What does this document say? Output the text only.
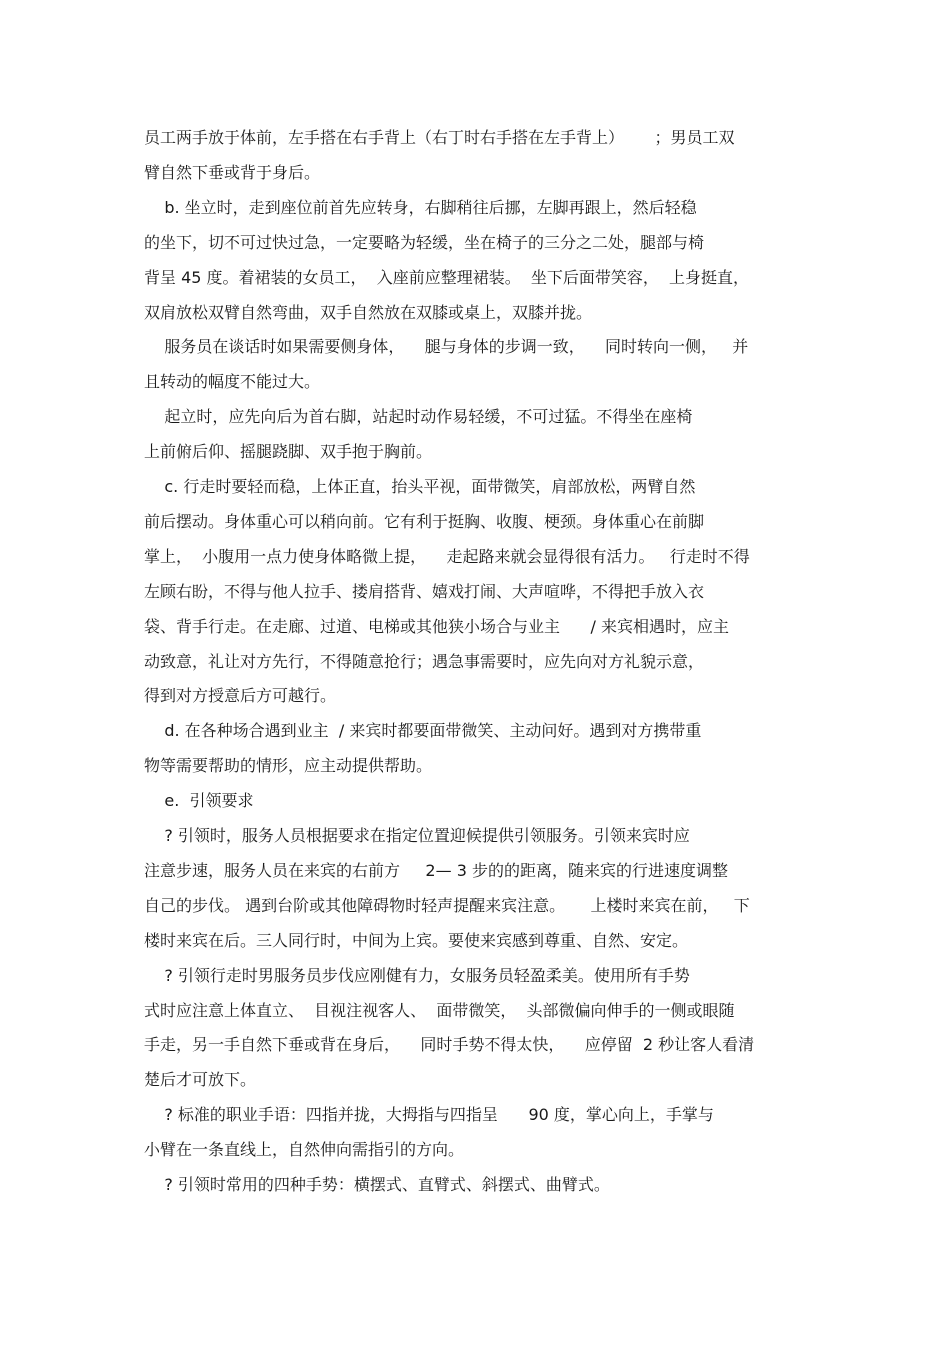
员工两手放于体前，左手搭在右手背上（右丁时右手搭在左手背上）      ；男员工双
臂自然下垂或背于身后。
b. 坐立时，走到座位前首先应转身，右脚稍往后挪，左脚再跟上，然后轻稳
的坐下，切不可过快过急，一定要略为轻缓，坐在椅子的三分之二处，腿部与椅
背呈 45 度。着裙装的女员工，  入座前应整理裙装。  坐下后面带笑容，  上身挺直，
双肩放松双臂自然弯曲，双手自然放在双膝或桌上，双膝并拢。
服务员在谈话时如果需要侧身体，    腿与身体的步调一致，    同时转向一侧，   并
且转动的幅度不能过大。
起立时，应先向后为首右脚，站起时动作易轻缓，不可过猛。不得坐在座椅
上前俯后仰、摇腿跷脚、双手抱于胸前。
c. 行走时要轻而稳，上体正直，抬头平视，面带微笑，肩部放松，两臂自然
前后摆动。身体重心可以稍向前。它有利于挺胸、收腹、梗颈。身体重心在前脚
掌上，  小腹用一点力使身体略微上提，    走起路来就会显得很有活力。   行走时不得
左顾右盼，不得与他人拉手、搂肩搭背、嬉戏打闹、大声喧哗，不得把手放入衣
袋、背手行走。在走廊、过道、电梯或其他狭小场合与业主      / 来宾相遇时，应主
动致意，礼让对方先行，不得随意抢行；遇急事需要时，应先向对方礼貌示意，
得到对方授意后方可越行。
d. 在各种场合遇到业主  / 来宾时都要面带微笑、主动问好。遇到对方携带重
物等需要帮助的情形，应主动提供帮助。
e.  引领要求
? 引领时，服务人员根据要求在指定位置迎候提供引领服务。引领来宾时应
注意步速，服务人员在来宾的右前方     2— 3 步的的距离，随来宾的行进速度调整
自己的步伐。 遇到台阶或其他障碍物时轻声提醒来宾注意。     上楼时来宾在前，   下
楼时来宾在后。三人同行时，中间为上宾。要使来宾感到尊重、自然、安定。
? 引领行走时男服务员步伐应刚健有力，女服务员轻盈柔美。使用所有手势
式时应注意上体直立、  目视注视客人、  面带微笑，  头部微偏向伸手的一侧或眼随
手走，另一手自然下垂或背在身后，    同时手势不得太快，    应停留  2 秒让客人看清
楚后才可放下。
? 标准的职业手语：四指并拢，大拇指与四指呈      90 度，掌心向上，手掌与
小臂在一条直线上，自然伸向需指引的方向。
? 引领时常用的四种手势：横摆式、直臂式、斜摆式、曲臂式。
